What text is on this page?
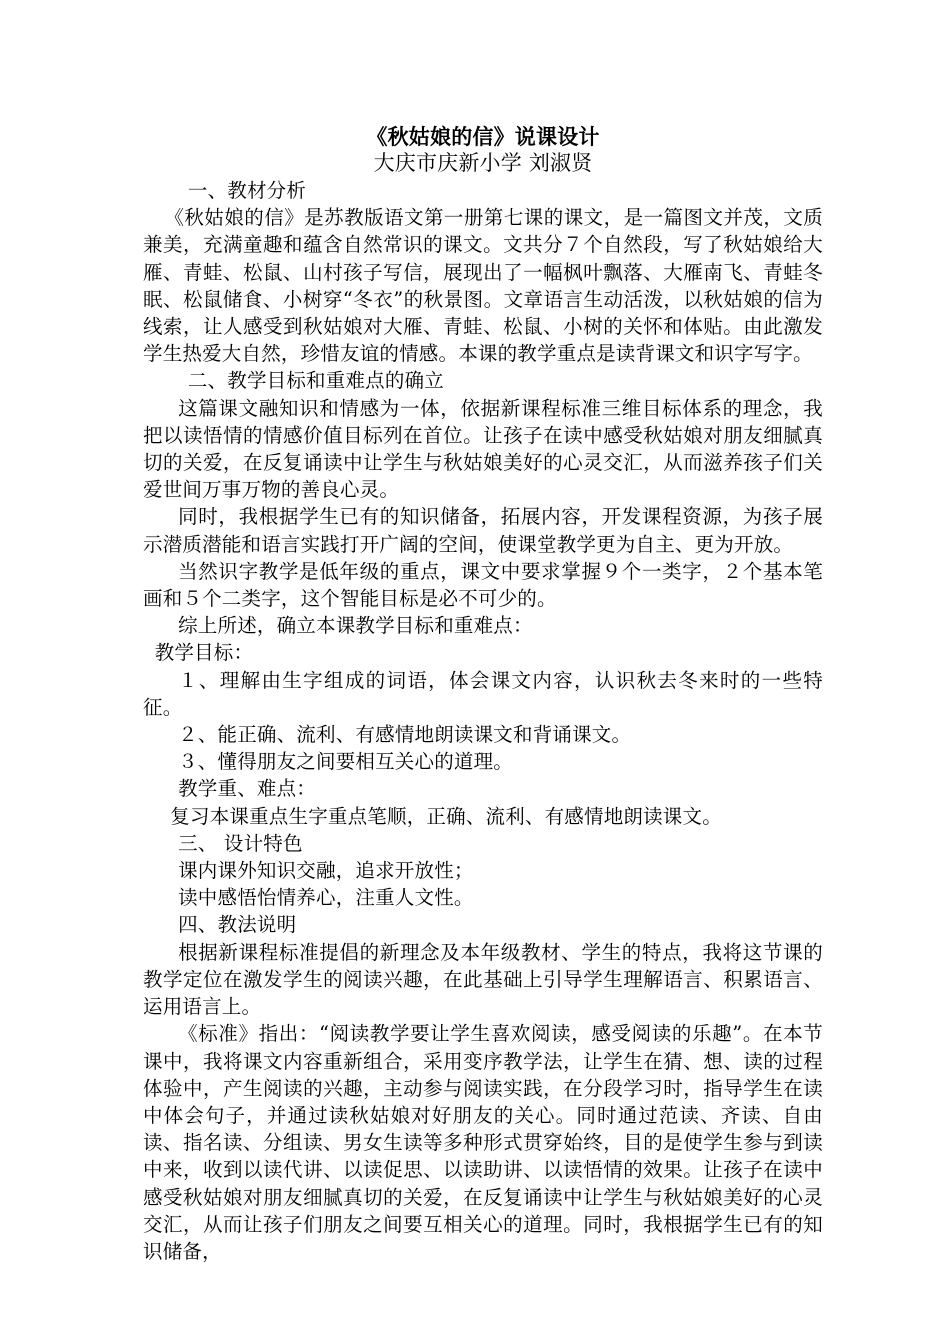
《秋姑娘的信》说课设计

大庆市庆新小学 刘淑贤

一、教材分析

《秋姑娘的信》是苏教版语文第一册第七课的课文，是一篇图文并茂，文质兼美，充满童趣和蕴含自然常识的课文。文共分７个自然段，写了秋姑娘给大雁、青蛙、松鼠、山村孩子写信，展现出了一幅枫叶飘落、大雁南飞、青蛙冬眠、松鼠储食、小树穿“冬衣”的秋景图。文章语言生动活泼，以秋姑娘的信为线索，让人感受到秋姑娘对大雁、青蛙、松鼠、小树的关怀和体贴。由此激发学生热爱大自然，珍惜友谊的情感。本课的教学重点是读背课文和识字写字。

二、教学目标和重难点的确立

这篇课文融知识和情感为一体，依据新课程标准三维目标体系的理念，我把以读悟情的情感价值目标列在首位。让孩子在读中感受秋姑娘对朋友细腻真切的关爱，在反复诵读中让学生与秋姑娘美好的心灵交汇，从而滋养孩子们关爱世间万事万物的善良心灵。

同时，我根据学生已有的知识储备，拓展内容，开发课程资源，为孩子展示潜质潜能和语言实践打开广阔的空间，使课堂教学更为自主、更为开放。

当然识字教学是低年级的重点，课文中要求掌握９个一类字，２个基本笔画和５个二类字，这个智能目标是必不可少的。

综上所述，确立本课教学目标和重难点：

教学目标：

１、理解由生字组成的词语，体会课文内容，认识秋去冬来时的一些特征。

２、能正确、流利、有感情地朗读课文和背诵课文。

３、懂得朋友之间要相互关心的道理。

教学重、难点：

复习本课重点生字重点笔顺，正确、流利、有感情地朗读课文。

三、 设计特色

课内课外知识交融，追求开放性；

读中感悟怡情养心，注重人文性。

四、教法说明

根据新课程标准提倡的新理念及本年级教材、学生的特点，我将这节课的教学定位在激发学生的阅读兴趣，在此基础上引导学生理解语言、积累语言、运用语言上。

《标准》指出：“阅读教学要让学生喜欢阅读，感受阅读的乐趣”。在本节课中，我将课文内容重新组合，采用变序教学法，让学生在猜、想、读的过程体验中，产生阅读的兴趣，主动参与阅读实践，在分段学习时，指导学生在读中体会句子，并通过读秋姑娘对好朋友的关心。同时通过范读、齐读、自由读、指名读、分组读、男女生读等多种形式贯穿始终，目的是使学生参与到读中来，收到以读代讲、以读促思、以读助讲、以读悟情的效果。让孩子在读中感受秋姑娘对朋友细腻真切的关爱，在反复诵读中让学生与秋姑娘美好的心灵交汇，从而让孩子们朋友之间要互相关心的道理。同时，我根据学生已有的知识储备，
